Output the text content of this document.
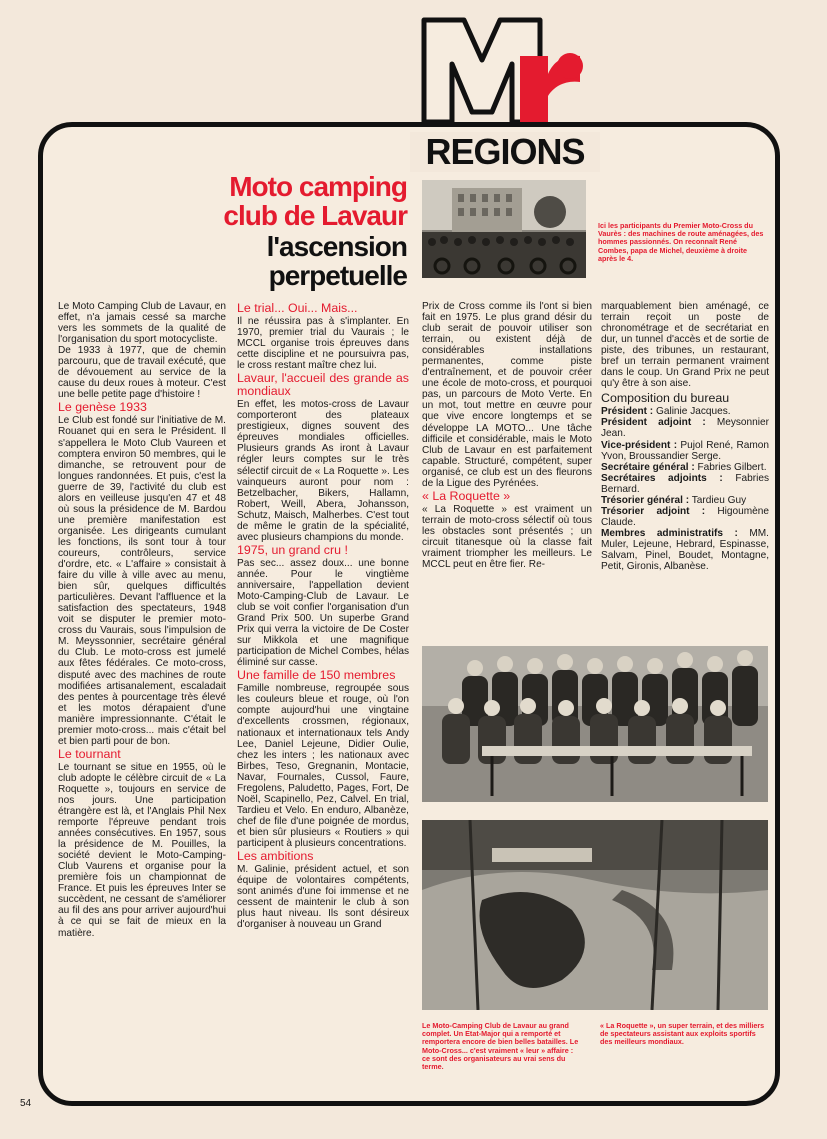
REGIONS
Moto camping
club de Lavaur
l'ascension
perpetuelle
Ici les participants du Premier Moto-Cross du Vaurès : des machines de route aménagées, des hommes passionnés. On reconnaît René Combes, papa de Michel, deuxième à droite après le 4.

Le Moto Camping Club de Lavaur, en effet, n'a jamais cessé sa marche vers les sommets de la qualité de l'organisation du sport motocycliste.

De 1933 à 1977, que de chemin parcouru, que de travail exécuté, que de dévouement au service de la cause du deux roues à moteur. C'est une belle petite page d'histoire !

Le genèse 1933

Le Club est fondé sur l'initiative de M. Rouanet qui en sera le Président. Il s'appellera le Moto Club Vaureen et comptera environ 50 membres, qui le dimanche, se retrouvent pour de longues randonnées. Et puis, c'est la guerre de 39, l'activité du club est alors en veilleuse jusqu'en 47 et 48 où sous la présidence de M. Bardou une première manifestation est organisée. Les dirigeants cumulant les fonctions, ils sont tour à tour coureurs, contrôleurs, service d'ordre, etc. « L'affaire » consistait à faire du ville à ville avec au menu, bien sûr, quelques difficultés particulières. Devant l'affluence et la satisfaction des spectateurs, 1948 voit se disputer le premier moto-cross du Vaurais, sous l'impulsion de M. Meyssonnier, secrétaire général du Club. Le moto-cross est jumelé aux fêtes fédérales. Ce moto-cross, disputé avec des machines de route modifiées artisanalement, escaladait des pentes à pourcentage très élevé et les motos dérapaient d'une manière impressionnante. C'était le premier moto-cross... mais c'était bel et bien parti pour de bon.

Le tournant

Le tournant se situe en 1955, où le club adopte le célèbre circuit de « La Roquette », toujours en service de nos jours. Une participation étrangère est là, et l'Anglais Phil Nex remporte l'épreuve pendant trois années consécutives. En 1957, sous la présidence de M. Pouilles, la société devient le Moto-Camping-Club Vaurens et organise pour la première fois un championnat de France. Et puis les épreuves Inter se succèdent, ne cessant de s'améliorer au fil des ans pour arriver aujourd'hui à ce qui se fait de mieux en la matière.

Le trial... Oui... Mais...

Il ne réussira pas à s'implanter. En 1970, premier trial du Vaurais ; le MCCL organise trois épreuves dans cette discipline et ne poursuivra pas, le cross restant maître chez lui.

Lavaur, l'accueil des grande as mondiaux

En effet, les motos-cross de Lavaur comporteront des plateaux prestigieux, dignes souvent des épreuves mondiales officielles. Plusieurs grands As iront à Lavaur régler leurs comptes sur le très sélectif circuit de « La Roquette ». Les vainqueurs auront pour nom : Betzelbacher, Bikers, Hallamn, Robert, Weill, Abera, Johansson, Schutz, Maisch, Malherbes. C'est tout de même le gratin de la spécialité, avec plusieurs champions du monde.

1975, un grand cru !

Pas sec... assez doux... une bonne année. Pour le vingtième anniversaire, l'appellation devient Moto-Camping-Club de Lavaur. Le club se voit confier l'organisation d'un Grand Prix 500. Un superbe Grand Prix qui verra la victoire de De Coster sur Mikkola et une magnifique participation de Michel Combes, hélas éliminé sur casse.

Une famille de 150 membres

Famille nombreuse, regroupée sous les couleurs bleue et rouge, où l'on compte aujourd'hui une vingtaine d'excellents crossmen, régionaux, nationaux et internationaux tels Andy Lee, Daniel Lejeune, Didier Oulie, chez les inters ; les nationaux avec Birbes, Teso, Gregnanin, Montacie, Navar, Fournales, Cussol, Faure, Fregolens, Paludetto, Pages, Fort, De Noël, Scapinello, Pez, Calvel. En trial, Tardieu et Velo. En enduro, Albanèze, chef de file d'une poignée de mordus, et bien sûr plusieurs « Routiers » qui participent à plusieurs concentrations.

Les ambitions

M. Galinie, président actuel, et son équipe de volontaires compétents, sont animés d'une foi immense et ne cessent de maintenir le club à son plus haut niveau. Ils sont désireux d'organiser à nouveau un Grand

Prix de Cross comme ils l'ont si bien fait en 1975. Le plus grand désir du club serait de pouvoir utiliser son terrain, ou existent déjà de considérables installations permanentes, comme piste d'entraînement, et de pouvoir créer une école de moto-cross, et pourquoi pas, un parcours de Moto Verte. En un mot, tout mettre en œuvre pour que vive encore longtemps et se développe LA MOTO... Une tâche difficile et considérable, mais le Moto Club de Lavaur en est parfaitement capable. Structuré, compétent, super organisé, ce club est un des fleurons de la Ligue des Pyrénées.

« La Roquette »

« La Roquette » est vraiment un terrain de moto-cross sélectif où tous les obstacles sont présentés ; un circuit titanesque où la classe fait vraiment triompher les meilleurs. Le MCCL peut en être fier. Re-

marquablement bien aménagé, ce terrain reçoit un poste de chronométrage et de secrétariat en dur, un tunnel d'accès et de sortie de piste, des tribunes, un restaurant, bref un terrain permanent vraiment dans le coup. Un Grand Prix ne peut qu'y être à son aise.

Composition du bureau

Président : Galinie Jacques.

Président adjoint : Meysonnier Jean.

Vice-président : Pujol René, Ramon Yvon, Broussandier Serge.

Secrétaire général : Fabries Gilbert.

Secrétaires adjoints : Fabries Bernard.

Trésorier général : Tardieu Guy

Trésorier adjoint : Higoumène Claude.

Membres administratifs : MM. Muler, Lejeune, Hebrard, Espinasse, Salvam, Pinel, Boudet, Montagne, Petit, Gironis, Albanèse.

Le Moto-Camping Club de Lavaur au grand complet. Un Etat-Major qui a remporté et remportera encore de bien belles batailles. Le Moto-Cross... c'est vraiment « leur » affaire : ce sont des organisateurs au vrai sens du terme.
« La Roquette », un super terrain, et des milliers de spectateurs assistant aux exploits sportifs des meilleurs mondiaux.
54
